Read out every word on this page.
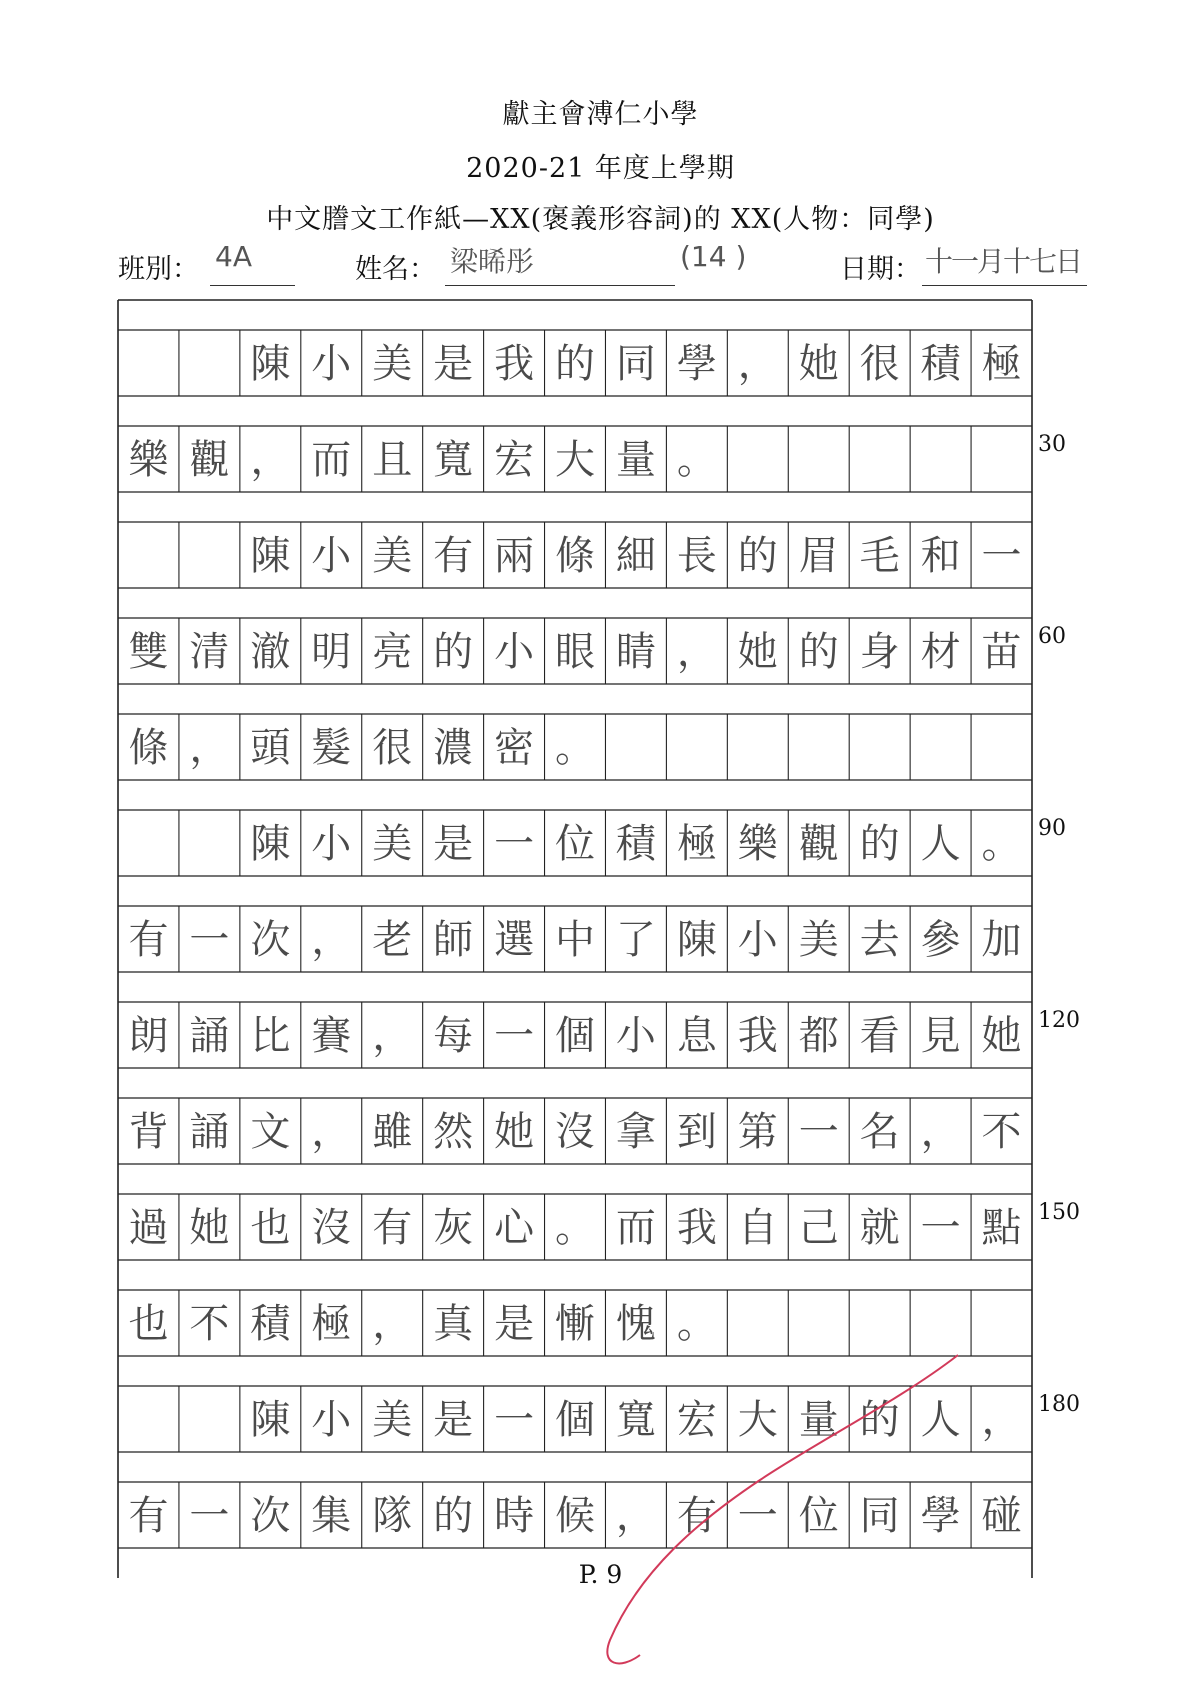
獻主會溥仁小學
2020-21 年度上學期
中文謄文工作紙—XX(褒義形容詞)的 XX(人物：同學)
班別： 4A	姓名： 梁晞彤	(14 )	日期： 十一月十七日
陳 小 美 是 我 的 同 學 ， 她 很 積 極
樂 觀 ， 而 且 寬 宏 大 量 。
陳 小 美 有 兩 條 細 長 的 眉 毛 和 一
雙 清 澈 明 亮 的 小 眼 睛 ， 她 的 身 材 苗
條 ， 頭 髮 很 濃 密 。
陳 小 美 是 一 位 積 極 樂 觀 的 人 。
有 一 次 ， 老 師 選 中 了 陳 小 美 去 參 加
朗 誦 比 賽 ， 每 一 個 小 息 我 都 看 見 她
背 誦 文 ， 雖 然 她 沒 拿 到 第 一 名 ， 不
過 她 也 沒 有 灰 心 。 而 我 自 己 就 一 點
也 不 積 極 ， 真 是 慚 愧 。
陳 小 美 是 一 個 寬 宏 大 量 的 人 ，
有 一 次 集 隊 的 時 候 ， 有 一 位 同 學 碰
30
60
90
120
150
180
P. 9
